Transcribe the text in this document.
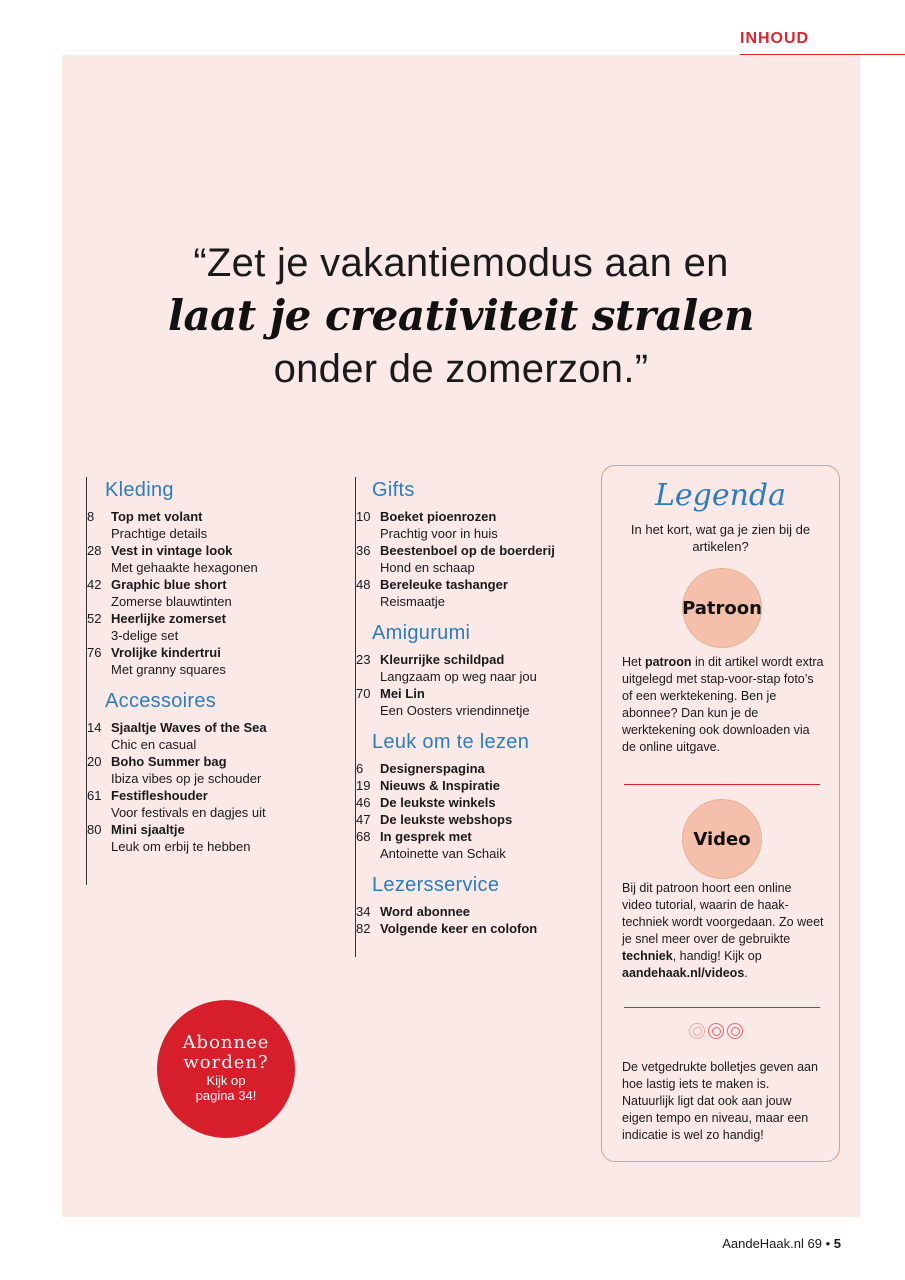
INHOUD
“Zet je vakantiemodus aan en
laat je creativiteit stralen
onder de zomerzon.”
Kleding
8	Top met volant
Prachtige details
28 Vest in vintage look
Met gehaakte hexagonen
42 Graphic blue short
Zomerse blauwtinten
52 Heerlijke zomerset
3-delige set
76 Vrolijke kindertrui
Met granny squares
Accessoires
14 Sjaaltje Waves of the Sea
Chic en casual
20 Boho Summer bag
Ibiza vibes op je schouder
61 Festifleshouder
Voor festivals en dagjes uit
80 Mini sjaaltje
Leuk om erbij te hebben
Gifts
10 Boeket pioenrozen
Prachtig voor in huis
36 Beestenboel op de boerderij
Hond en schaap
48 Bereleuke tashanger
Reismaatje
Amigurumi
23 Kleurrijke schildpad
Langzaam op weg naar jou
70 Mei Lin
Een Oosters vriendinnetje
Leuk om te lezen
6	Designerspagina
19 Nieuws & Inspiratie
46 De leukste winkels
47 De leukste webshops
68 In gesprek met
Antoinette van Schaik
Lezersservice
34 Word abonnee
82 Volgende keer en colofon
Legenda
In het kort, wat ga je zien bij de artikelen?
Patroon
Het patroon in dit artikel wordt extra uitgelegd met stap-voor-stap foto’s of een werktekening. Ben je abonnee? Dan kun je de werktekening ook downloaden via de online uitgave.
Video
Bij dit patroon hoort een online video tutorial, waarin de haak-techniek wordt voorgedaan. Zo weet je snel meer over de gebruikte techniek, handig! Kijk op aandehaak.nl/videos.
De vetgedrukte bolletjes geven aan hoe lastig iets te maken is. Natuurlijk ligt dat ook aan jouw eigen tempo en niveau, maar een indicatie is wel zo handig!
Abonnee
worden?
Kijk op
pagina 34!
AandeHaak.nl 69 • 5
